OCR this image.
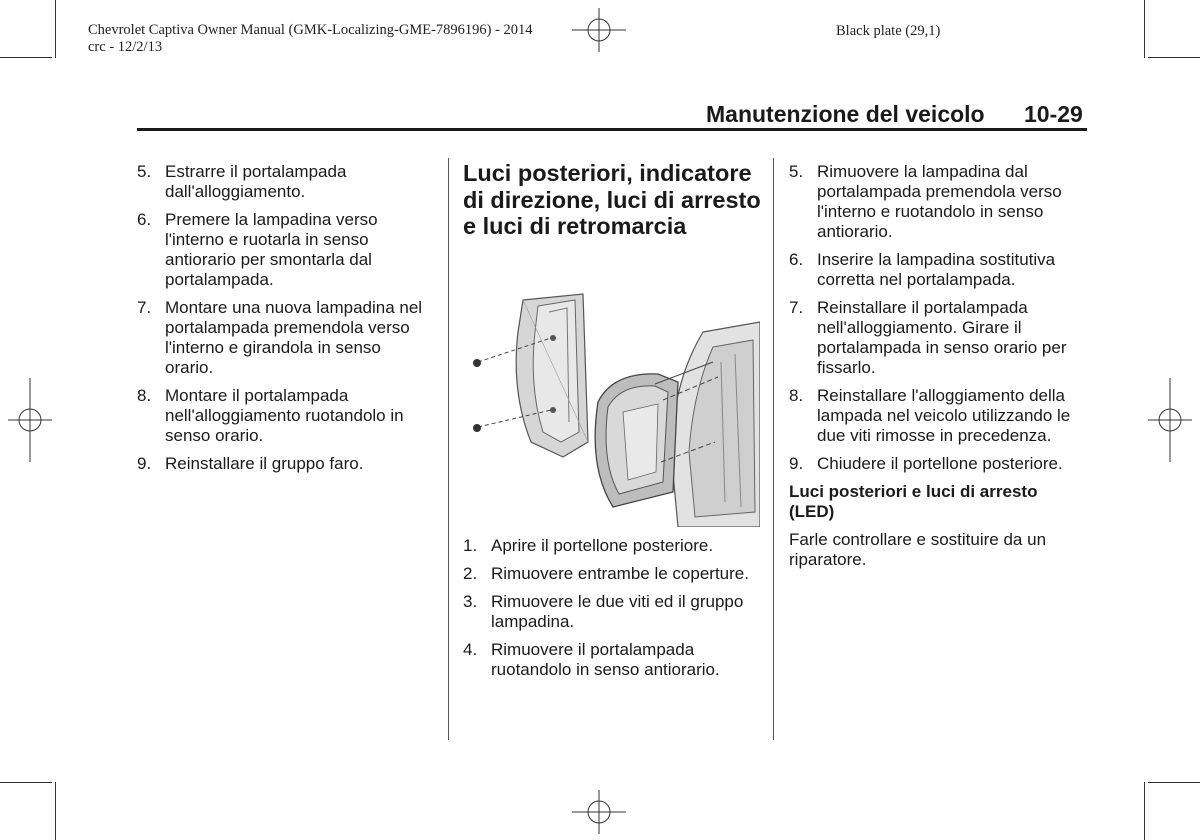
Chevrolet Captiva Owner Manual (GMK-Localizing-GME-7896196) - 2014
crc - 12/2/13
Black plate (29,1)
Manutenzione del veicolo 10-29
5. Estrarre il portalampada dall'alloggiamento.
6. Premere la lampadina verso l'interno e ruotarla in senso antiorario per smontarla dal portalampada.
7. Montare una nuova lampadina nel portalampada premendola verso l'interno e girandola in senso orario.
8. Montare il portalampada nell'alloggiamento ruotandolo in senso orario.
9. Reinstallare il gruppo faro.
Luci posteriori, indicatore di direzione, luci di arresto e luci di retromarcia
1. Aprire il portellone posteriore.
2. Rimuovere entrambe le coperture.
3. Rimuovere le due viti ed il gruppo lampadina.
4. Rimuovere il portalampada ruotandolo in senso antiorario.
5. Rimuovere la lampadina dal portalampada premendola verso l'interno e ruotandolo in senso antiorario.
6. Inserire la lampadina sostitutiva corretta nel portalampada.
7. Reinstallare il portalampada nell'alloggiamento. Girare il portalampada in senso orario per fissarlo.
8. Reinstallare l'alloggiamento della lampada nel veicolo utilizzando le due viti rimosse in precedenza.
9. Chiudere il portellone posteriore.
Luci posteriori e luci di arresto (LED)
Farle controllare e sostituire da un riparatore.
